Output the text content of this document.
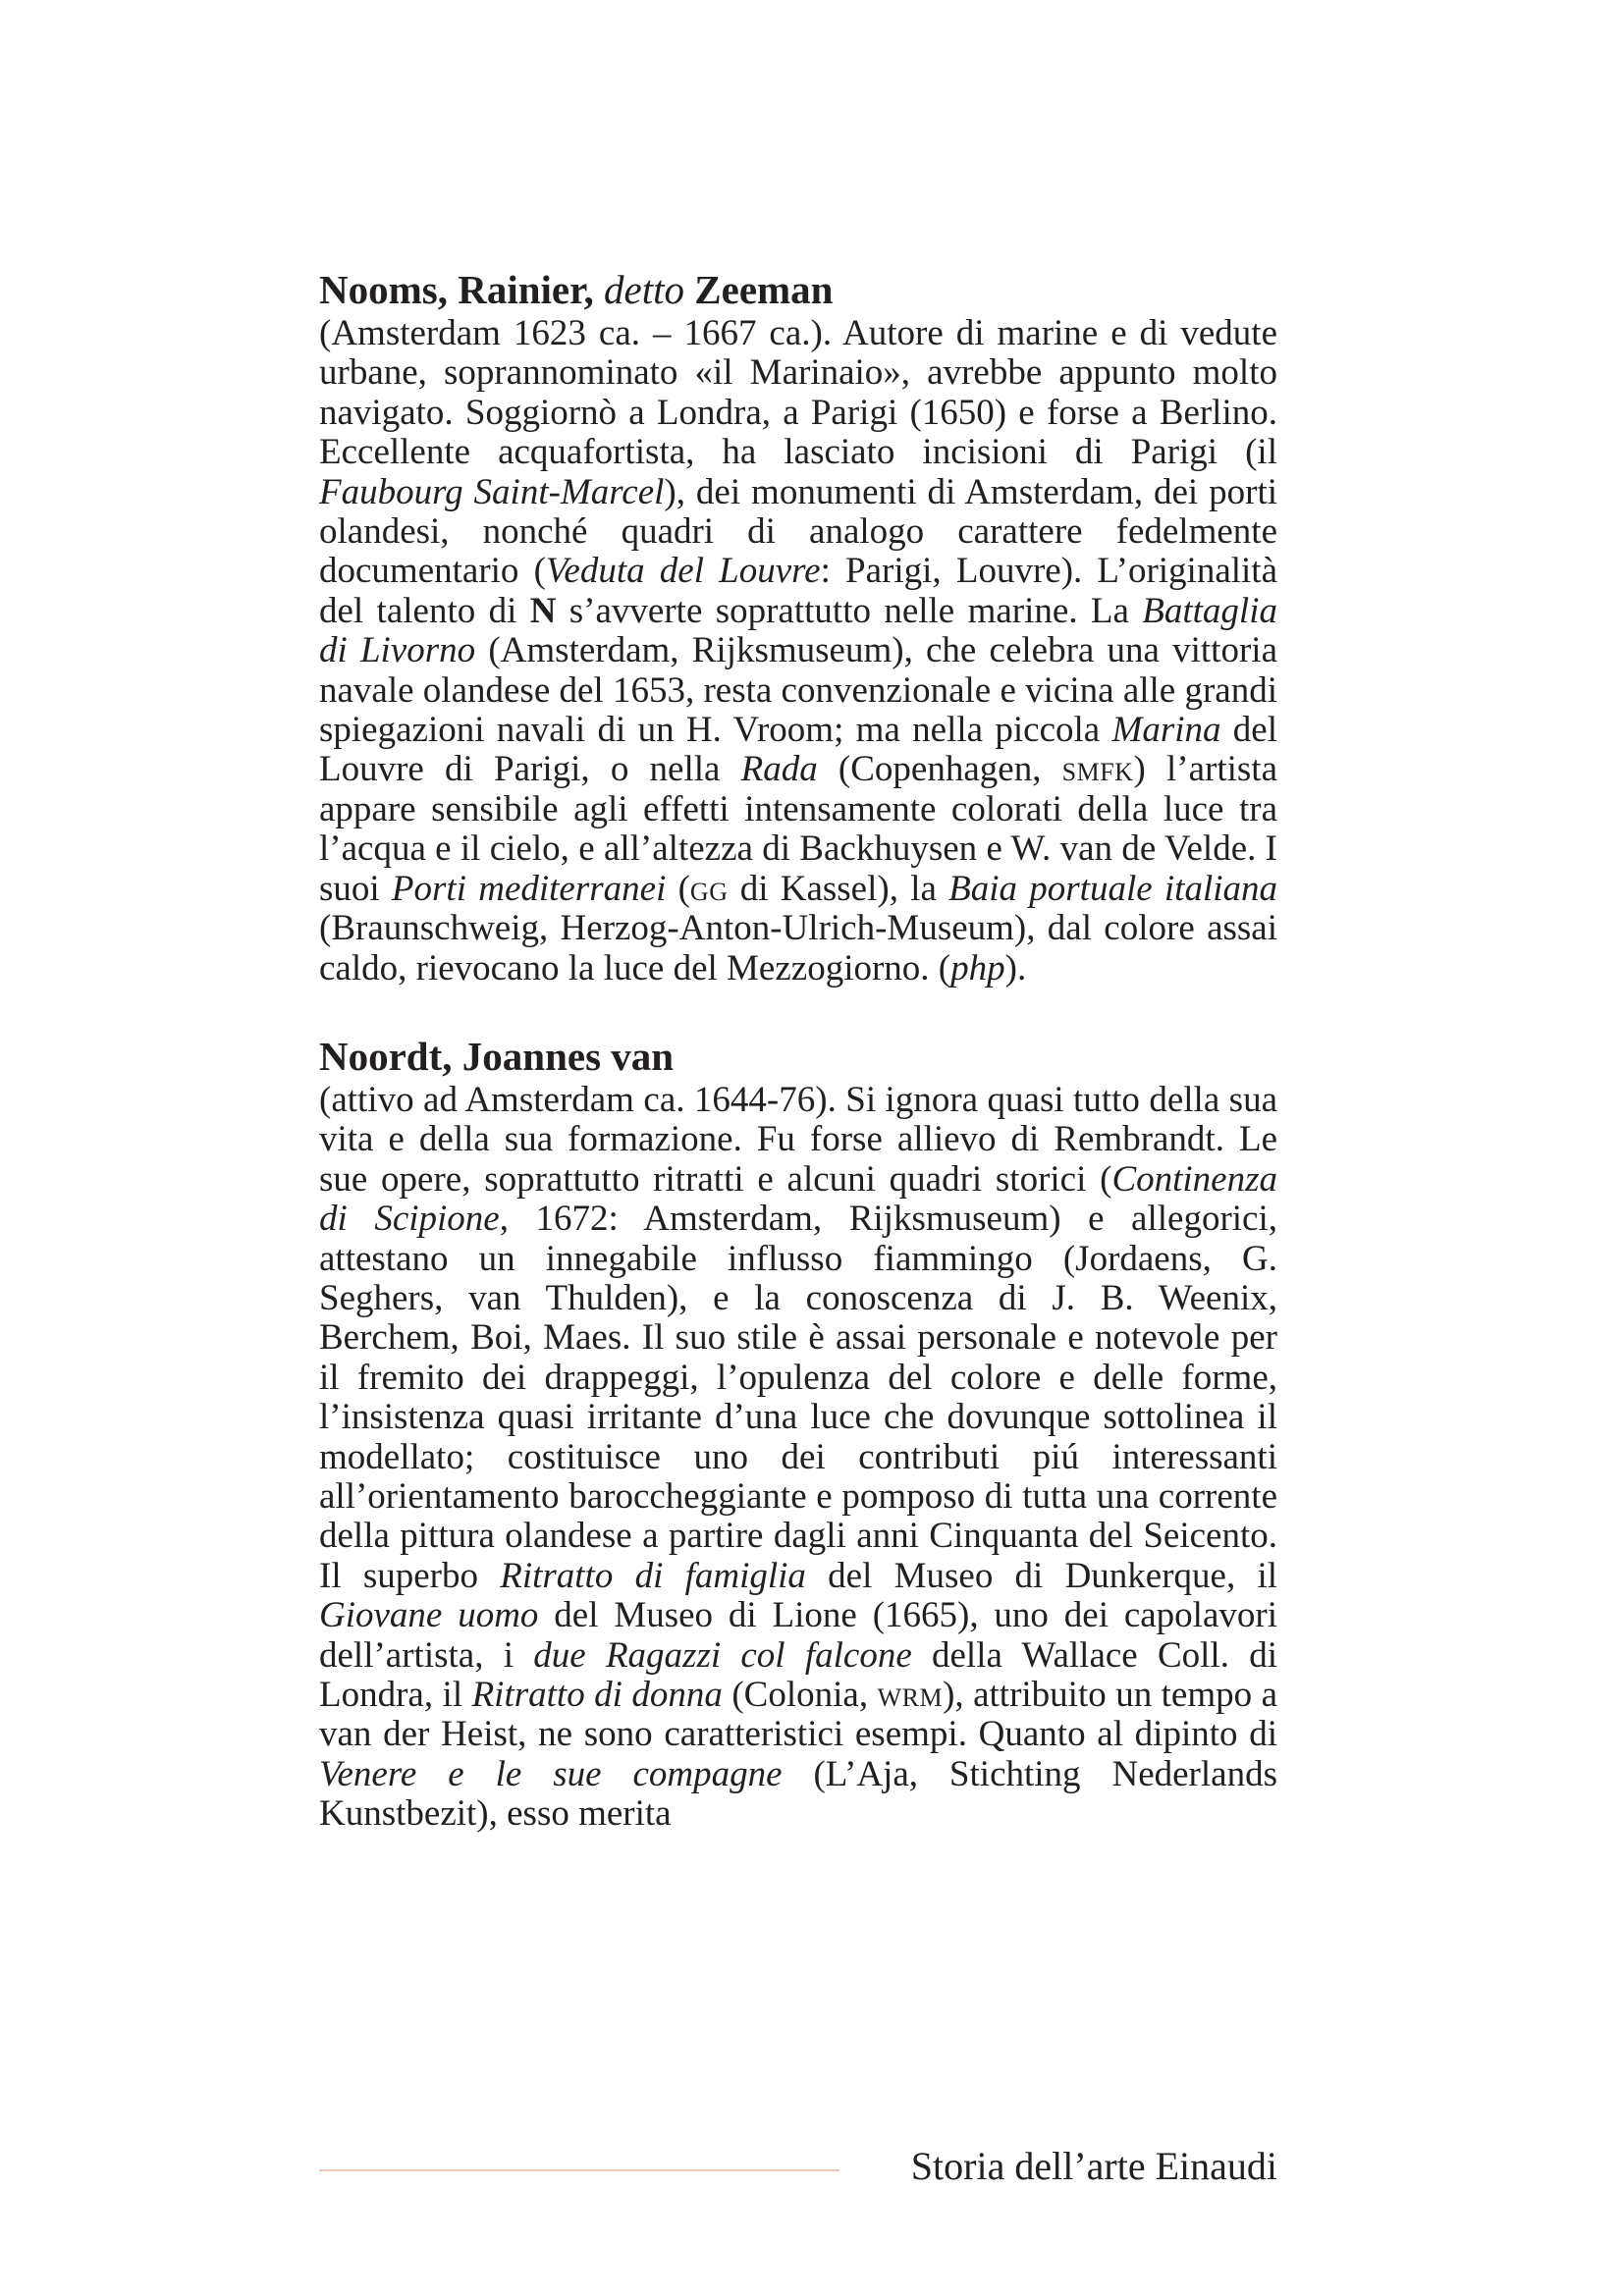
Nooms, Rainier, detto Zeeman

(Amsterdam 1623 ca. – 1667 ca.). Autore di marine e di vedute urbane, soprannominato «il Marinaio», avrebbe appunto molto navigato. Soggiornò a Londra, a Parigi (1650) e forse a Berlino. Eccellente acquafortista, ha lasciato incisioni di Parigi (il Faubourg Saint-Marcel), dei monumenti di Amsterdam, dei porti olandesi, nonché quadri di analogo carattere fedelmente documentario (Veduta del Louvre: Parigi, Louvre). L’originalità del talento di N s’avverte soprattutto nelle marine. La Battaglia di Livorno (Amsterdam, Rijksmuseum), che celebra una vittoria navale olandese del 1653, resta convenzionale e vicina alle grandi spiegazioni navali di un H. Vroom; ma nella piccola Marina del Louvre di Parigi, o nella Rada (Copenhagen, smfk) l’artista appare sensibile agli effetti intensamente colorati della luce tra l’acqua e il cielo, e all’altezza di Backhuysen e W. van de Velde. I suoi Porti mediterranei (gg di Kassel), la Baia portuale italiana (Braunschweig, Herzog-Anton-Ulrich-Museum), dal colore assai caldo, rievocano la luce del Mezzogiorno. (php).

Noordt, Joannes van

(attivo ad Amsterdam ca. 1644-76). Si ignora quasi tutto della sua vita e della sua formazione. Fu forse allievo di Rembrandt. Le sue opere, soprattutto ritratti e alcuni quadri storici (Continenza di Scipione, 1672: Amsterdam, Rijksmuseum) e allegorici, attestano un innegabile influsso fiammingo (Jordaens, G. Seghers, van Thulden), e la conoscenza di J. B. Weenix, Berchem, Boi, Maes. Il suo stile è assai personale e notevole per il fremito dei drappeggi, l’opulenza del colore e delle forme, l’insistenza quasi irritante d’una luce che dovunque sottolinea il modellato; costituisce uno dei contributi piú interessanti all’orientamento baroccheggiante e pomposo di tutta una corrente della pittura olandese a partire dagli anni Cinquanta del Seicento. Il superbo Ritratto di famiglia del Museo di Dunkerque, il Giovane uomo del Museo di Lione (1665), uno dei capolavori dell’artista, i due Ragazzi col falcone della Wallace Coll. di Londra, il Ritratto di donna (Colonia, wrm), attribuito un tempo a van der Heist, ne sono caratteristici esempi. Quanto al dipinto di Venere e le sue compagne (L’Aja, Stichting Nederlands Kunstbezit), esso merita

Storia dell’arte Einaudi
